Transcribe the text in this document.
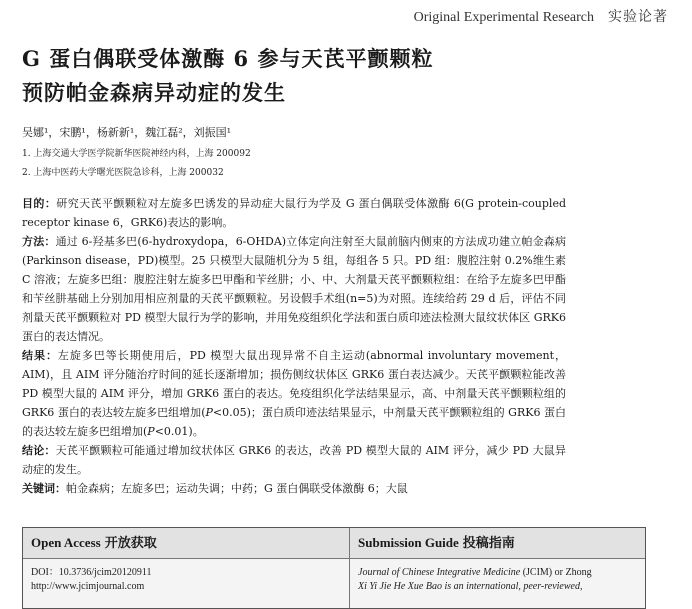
Original Experimental Research 实验论著
G 蛋白偶联受体激酶 6 参与天芪平颤颗粒
预防帕金森病异动症的发生
吴娜¹，宋鹏¹，杨新新¹，魏江磊²，刘振国¹
1. 上海交通大学医学院新华医院神经内科，上海 200092
2. 上海中医药大学曙光医院急诊科，上海 200032

目的：研究天芪平颤颗粒对左旋多巴诱发的异动症大鼠行为学及 G 蛋白偶联受体激酶 6(G protein-coupled receptor kinase 6，GRK6)表达的影响。

方法：通过 6-羟基多巴(6-hydroxydopa，6-OHDA)立体定向注射至大鼠前脑内侧束的方法成功建立帕金森病(Parkinson disease，PD)模型。25 只模型大鼠随机分为 5 组，每组各 5 只。PD 组：腹腔注射 0.2%维生素 C 溶液；左旋多巴组：腹腔注射左旋多巴甲酯和苄丝肼；小、中、大剂量天芪平颤颗粒组：在给予左旋多巴甲酯和苄丝肼基础上分别加用相应剂量的天芪平颤颗粒。另设假手术组(n=5)为对照。连续给药 29 d 后，评估不同剂量天芪平颤颗粒对 PD 模型大鼠行为学的影响，并用免疫组织化学法和蛋白质印迹法检测大鼠纹状体区 GRK6 蛋白的表达情况。

结果：左旋多巴等长期使用后，PD 模型大鼠出现异常不自主运动(abnormal involuntary movement，AIM)，且 AIM 评分随治疗时间的延长逐渐增加；损伤侧纹状体区 GRK6 蛋白表达减少。天芪平颤颗粒能改善 PD 模型大鼠的 AIM 评分，增加 GRK6 蛋白的表达。免疫组织化学法结果显示，高、中剂量天芪平颤颗粒组的 GRK6 蛋白的表达较左旋多巴组增加(P<0.05)；蛋白质印迹法结果显示，中剂量天芪平颤颗粒组的 GRK6 蛋白的表达较左旋多巴组增加(P<0.01)。

结论：天芪平颤颗粒可能通过增加纹状体区 GRK6 的表达，改善 PD 模型大鼠的 AIM 评分，减少 PD 大鼠异动症的发生。

关键词：帕金森病；左旋多巴；运动失调；中药；G 蛋白偶联受体激酶 6；大鼠

Open Access 开放获取
DOI：10.3736/jcim20120911
http://www.jcimjournal.com
Submission Guide 投稿指南
Journal of Chinese Integrative Medicine (JCIM) or Zhong
Xi Yi Jie He Xue Bao is an international, peer-reviewed,
